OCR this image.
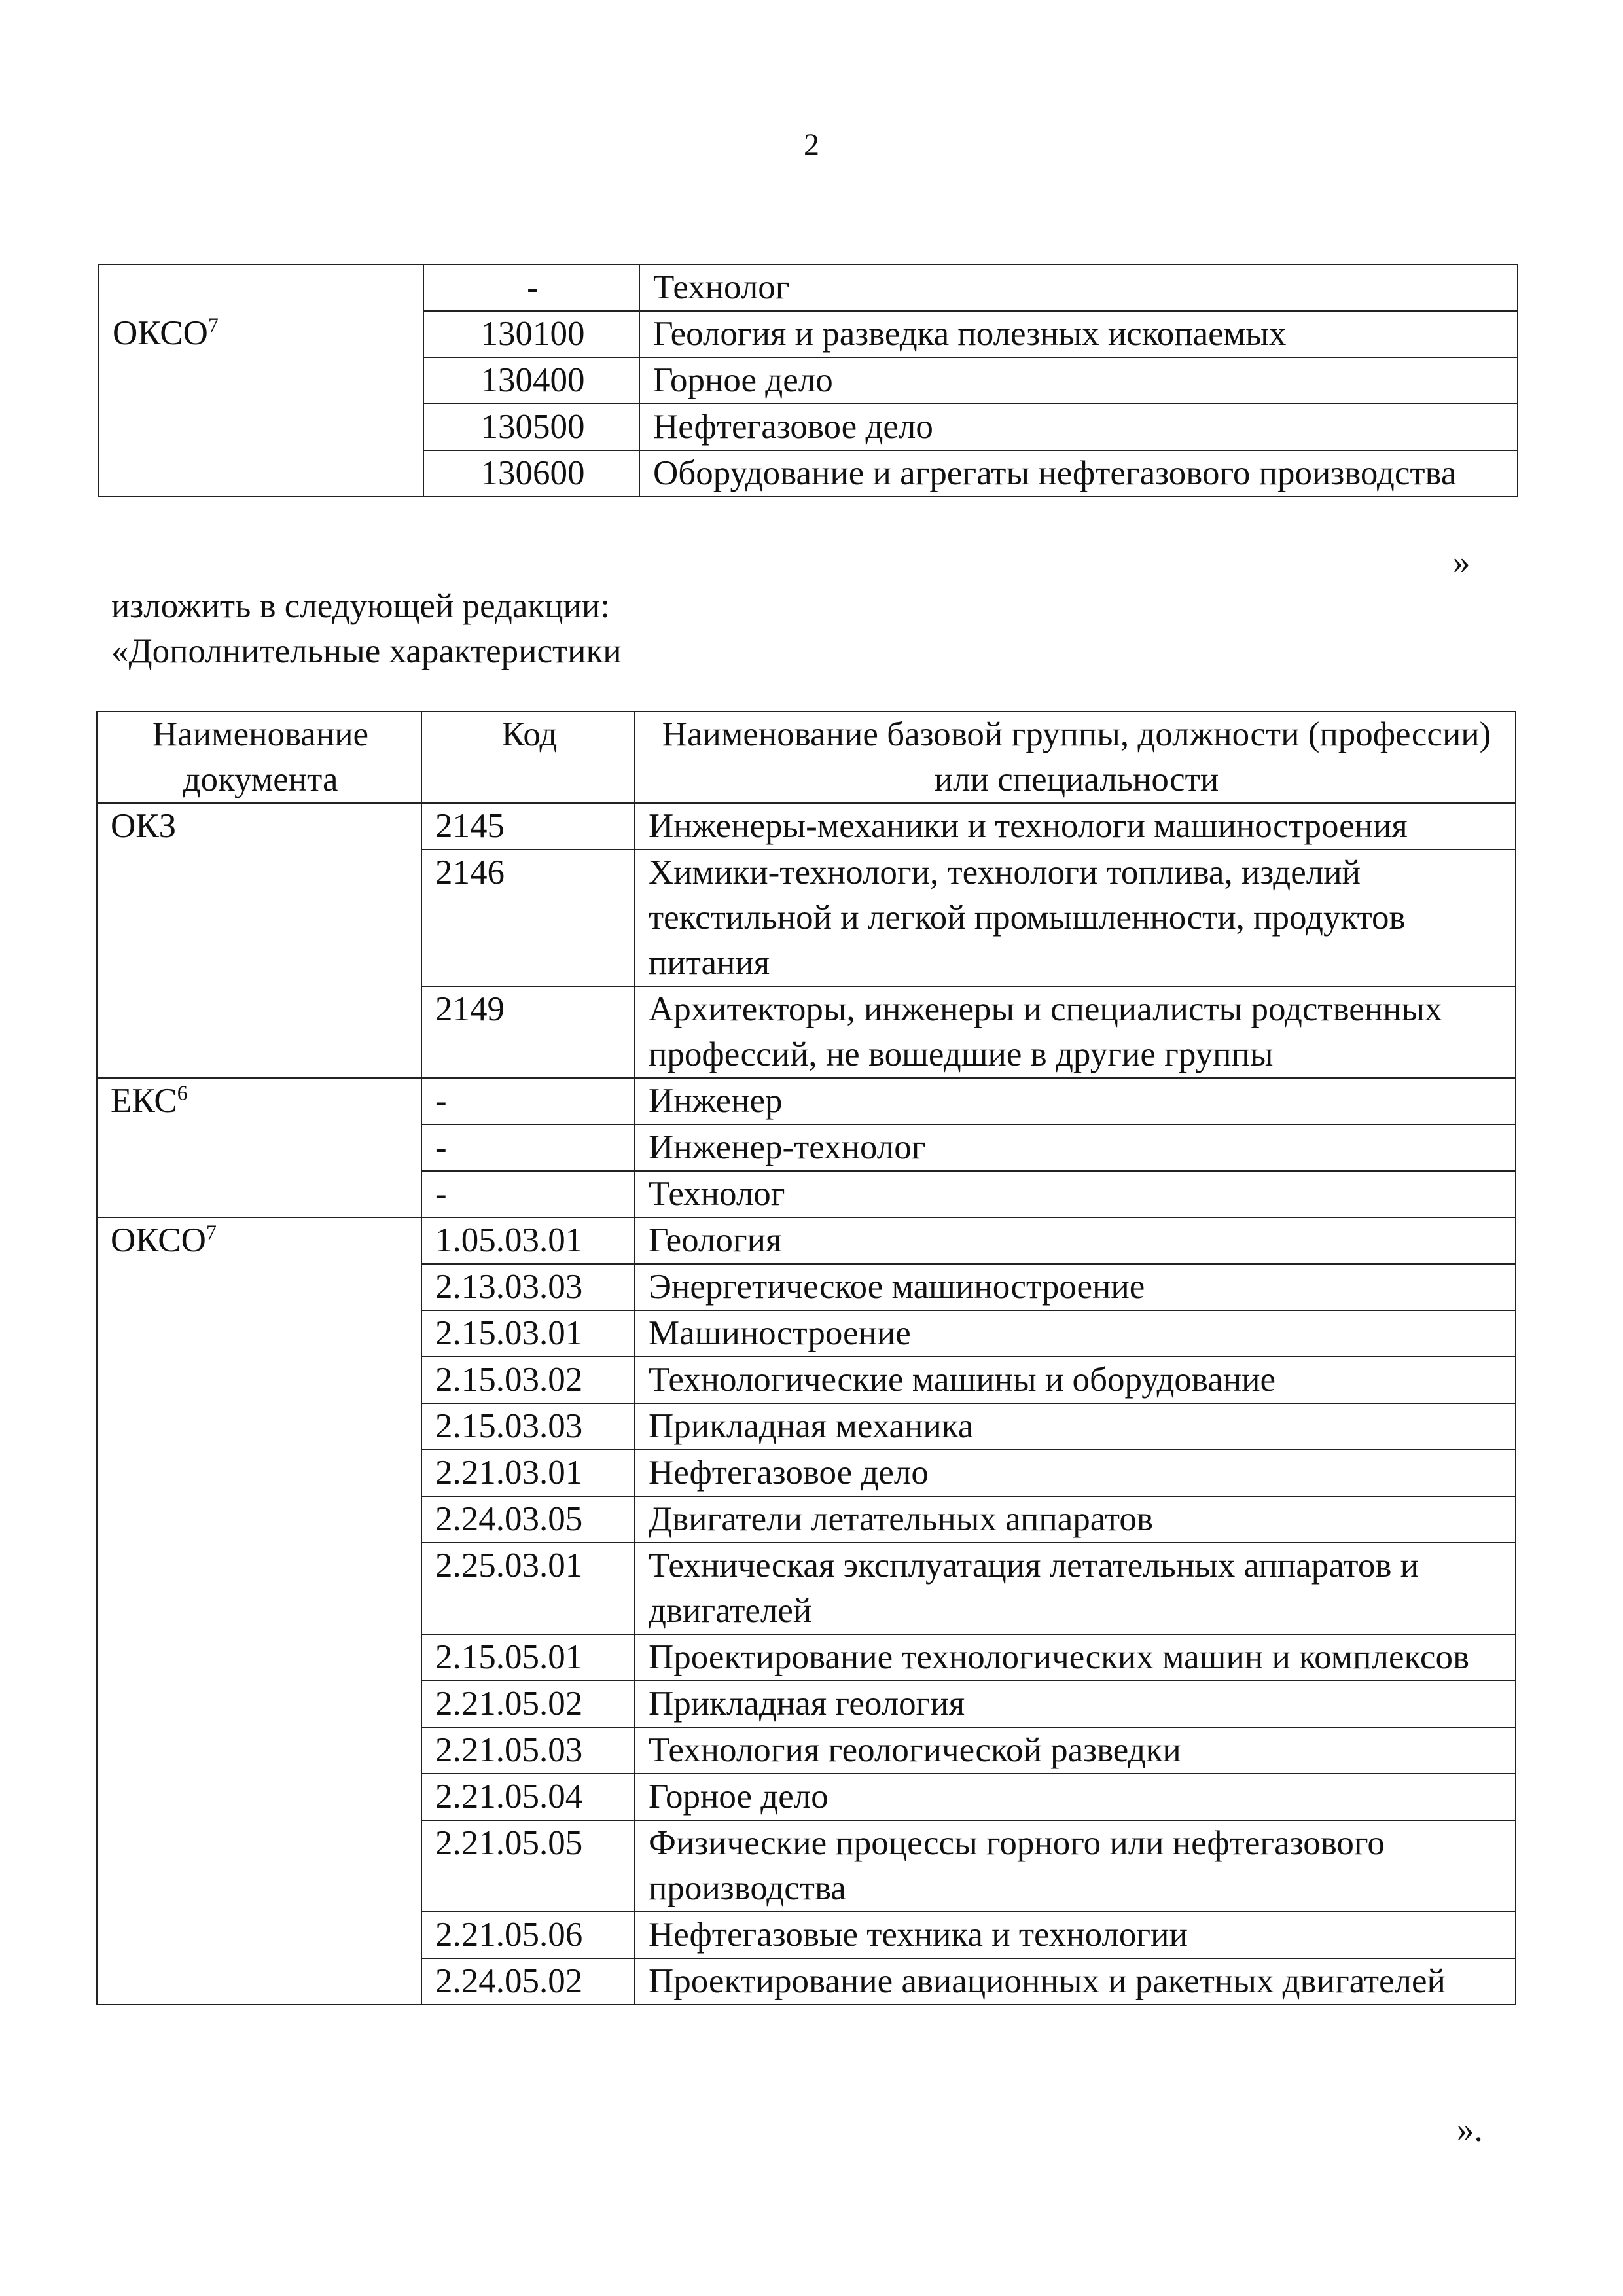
2
	-	Технолог
ОКСО$^7$	130100	Геология и разведка полезных ископаемых
	130400	Горное дело
	130500	Нефтегазовое дело
	130600	Оборудование и агрегаты нефтегазового производства
»
изложить в следующей редакции:
«Дополнительные характеристики
Наименование документа	Код	Наименование базовой группы, должности (профессии) или специальности
ОКЗ	2145	Инженеры-механики и технологи машиностроения
	2146	Химики-технологи, технологи топлива, изделий текстильной и легкой промышленности, продуктов питания
	2149	Архитекторы, инженеры и специалисты родственных профессий, не вошедшие в другие группы
ЕКС$^6$	-	Инженер
	-	Инженер-технолог
	-	Технолог
ОКСО$^7$	1.05.03.01	Геология
	2.13.03.03	Энергетическое машиностроение
	2.15.03.01	Машиностроение
	2.15.03.02	Технологические машины и оборудование
	2.15.03.03	Прикладная механика
	2.21.03.01	Нефтегазовое дело
	2.24.03.05	Двигатели летательных аппаратов
	2.25.03.01	Техническая эксплуатация летательных аппаратов и двигателей
	2.15.05.01	Проектирование технологических машин и комплексов
	2.21.05.02	Прикладная геология
	2.21.05.03	Технология геологической разведки
	2.21.05.04	Горное дело
	2.21.05.05	Физические процессы горного или нефтегазового производства
	2.21.05.06	Нефтегазовые техника и технологии
	2.24.05.02	Проектирование авиационных и ракетных двигателей
».
